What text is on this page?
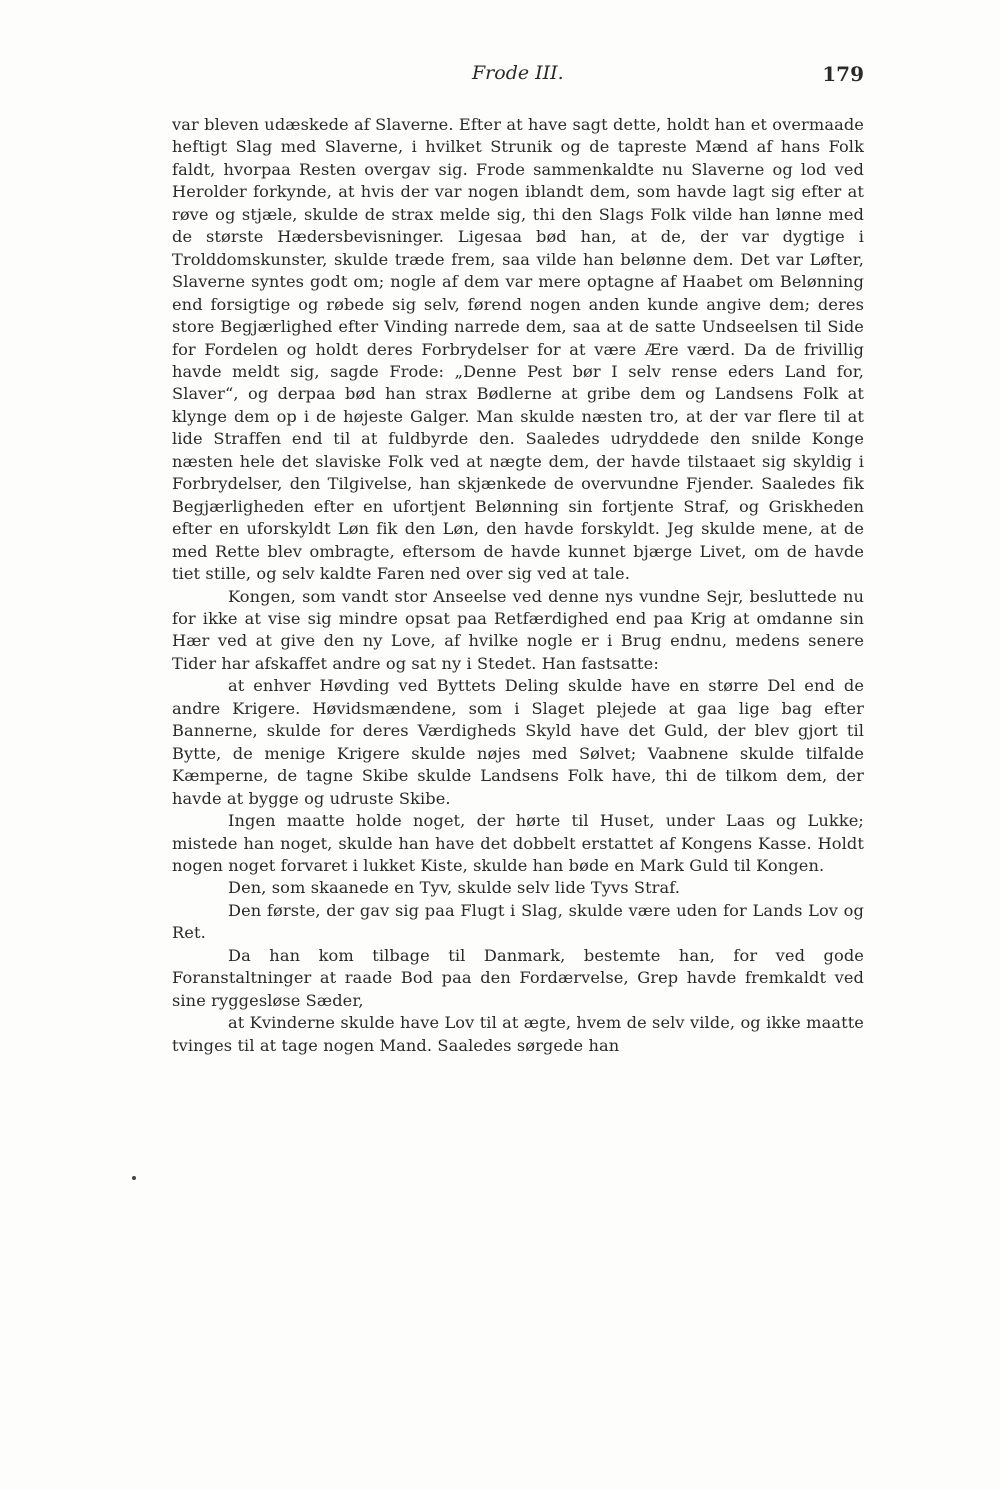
Frode III.	179

var bleven udæskede af Slaverne. Efter at have sagt dette, holdt han et overmaade heftigt Slag med Slaverne, i hvilket Strunik og de tapreste Mænd af hans Folk faldt, hvorpaa Resten overgav sig. Frode sammenkaldte nu Slaverne og lod ved Herolder forkynde, at hvis der var nogen iblandt dem, som havde lagt sig efter at røve og stjæle, skulde de strax melde sig, thi den Slags Folk vilde han lønne med de største Hædersbevisninger. Ligesaa bød han, at de, der var dygtige i Trolddomskunster, skulde træde frem, saa vilde han belønne dem. Det var Løfter, Slaverne syntes godt om; nogle af dem var mere optagne af Haabet om Belønning end forsigtige og røbede sig selv, førend nogen anden kunde angive dem; deres store Begjærlighed efter Vinding narrede dem, saa at de satte Undseelsen til Side for Fordelen og holdt deres Forbrydelser for at være Ære værd. Da de frivillig havde meldt sig, sagde Frode: „Denne Pest bør I selv rense eders Land for, Slaver“, og derpaa bød han strax Bødlerne at gribe dem og Landsens Folk at klynge dem op i de højeste Galger. Man skulde næsten tro, at der var flere til at lide Straffen end til at fuldbyrde den. Saaledes udryddede den snilde Konge næsten hele det slaviske Folk ved at nægte dem, der havde tilstaaet sig skyldig i Forbrydelser, den Tilgivelse, han skjænkede de overvundne Fjender. Saaledes fik Begjærligheden efter en ufortjent Belønning sin fortjente Straf, og Griskheden efter en uforskyldt Løn fik den Løn, den havde forskyldt. Jeg skulde mene, at de med Rette blev ombragte, eftersom de havde kunnet bjærge Livet, om de havde tiet stille, og selv kaldte Faren ned over sig ved at tale.

Kongen, som vandt stor Anseelse ved denne nys vundne Sejr, besluttede nu for ikke at vise sig mindre opsat paa Retfærdighed end paa Krig at omdanne sin Hær ved at give den ny Love, af hvilke nogle er i Brug endnu, medens senere Tider har afskaffet andre og sat ny i Stedet. Han fastsatte:

at enhver Høvding ved Byttets Deling skulde have en større Del end de andre Krigere. Høvidsmændene, som i Slaget plejede at gaa lige bag efter Bannerne, skulde for deres Værdigheds Skyld have det Guld, der blev gjort til Bytte, de menige Krigere skulde nøjes med Sølvet; Vaabnene skulde tilfalde Kæmperne, de tagne Skibe skulde Landsens Folk have, thi de tilkom dem, der havde at bygge og udruste Skibe.

Ingen maatte holde noget, der hørte til Huset, under Laas og Lukke; mistede han noget, skulde han have det dobbelt erstattet af Kongens Kasse. Holdt nogen noget forvaret i lukket Kiste, skulde han bøde en Mark Guld til Kongen.

Den, som skaanede en Tyv, skulde selv lide Tyvs Straf.

Den første, der gav sig paa Flugt i Slag, skulde være uden for Lands Lov og Ret.

Da han kom tilbage til Danmark, bestemte han, for ved gode Foranstaltninger at raade Bod paa den Fordærvelse, Grep havde fremkaldt ved sine ryggesløse Sæder,

at Kvinderne skulde have Lov til at ægte, hvem de selv vilde, og ikke maatte tvinges til at tage nogen Mand. Saaledes sørgede han
